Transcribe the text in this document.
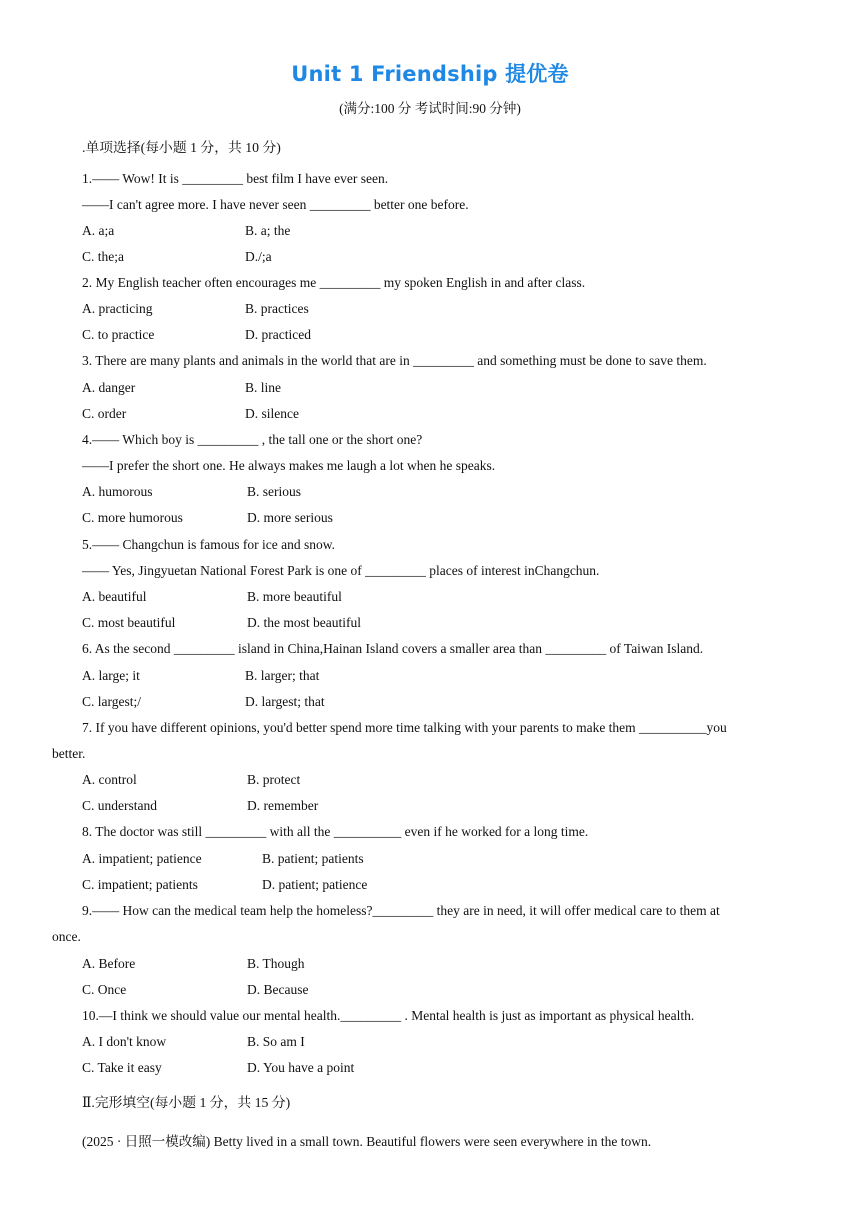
Unit 1 Friendship 提优卷
(满分:100 分 考试时间:90 分钟)
.单项选择(每小题 1 分，共 10 分)
1.—— Wow! It is _________ best film I have ever seen.
——I can't agree more. I have never seen _________ better one before.
A. a;a	B. a; the
C. the;a	D./;a
2. My English teacher often encourages me _________ my spoken English in and after class.
A. practicing	B. practices
C. to practice	D. practiced
3. There are many plants and animals in the world that are in _________ and something must be done to save them.
A. danger	B. line
C. order	D. silence
4.—— Which boy is _________ , the tall one or the short one?
——I prefer the short one. He always makes me laugh a lot when he speaks.
A. humorous	B. serious
C. more humorous	D. more serious
5.—— Changchun is famous for ice and snow.
—— Yes, Jingyuetan National Forest Park is one of _________ places of interest inChangchun.
A. beautiful	B. more beautiful
C. most beautiful	D. the most beautiful
6. As the second _________ island in China,Hainan Island covers a smaller area than _________ of Taiwan Island.
A. large; it	B. larger; that
C. largest;/	D. largest; that
7. If you have different opinions, you'd better spend more time talking with your parents to make them __________you
better.
A. control	B. protect
C. understand	D. remember
8. The doctor was still _________ with all the __________ even if he worked for a long time.
A. impatient; patience	B. patient; patients
C. impatient; patients	D. patient; patience
9.—— How can the medical team help the homeless?_________ they are in need, it will offer medical care to them at
once.
A. Before	B. Though
C. Once	D. Because
10.—I think we should value our mental health._________ . Mental health is just as important as physical health.
A. I don't know	B. So am I
C. Take it easy	D. You have a point
Ⅱ.完形填空(每小题 1 分，共 15 分)
(2025 · 日照一模改编) Betty lived in a small town. Beautiful flowers were seen everywhere in the town.
